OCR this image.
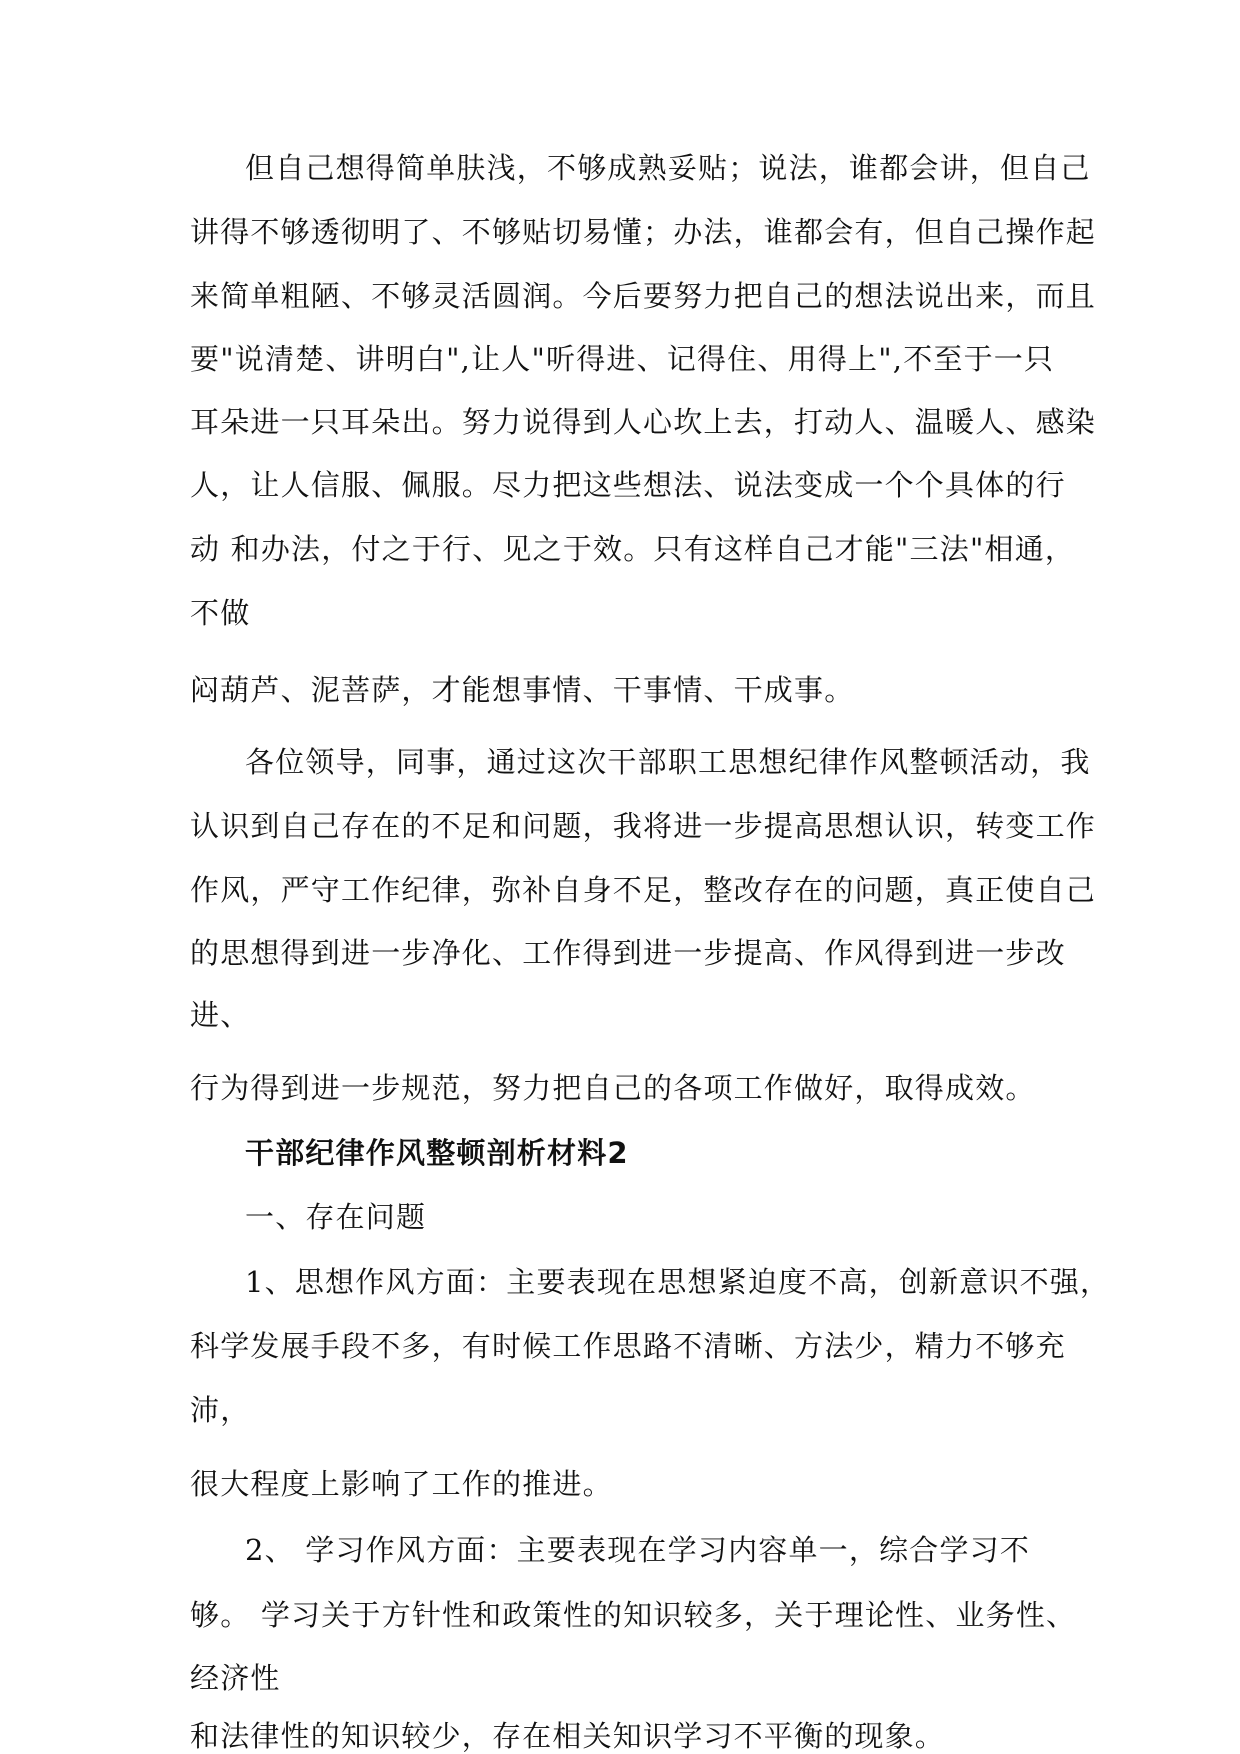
但自己想得简单肤浅，不够成熟妥贴；说法，谁都会讲，但自己
讲得不够透彻明了、不够贴切易懂；办法，谁都会有，但自己操作起
来简单粗陋、不够灵活圆润。今后要努力把自己的想法说出来，而且
要"说清楚、讲明白",让人"听得进、记得住、用得上",不至于一只
耳朵进一只耳朵出。努力说得到人心坎上去，打动人、温暖人、感染
人，让人信服、佩服。尽力把这些想法、说法变成一个个具体的行
动 和办法，付之于行、见之于效。只有这样自己才能"三法"相通，
不做
闷葫芦、泥菩萨，才能想事情、干事情、干成事。
各位领导，同事，通过这次干部职工思想纪律作风整顿活动，我
认识到自己存在的不足和问题，我将进一步提高思想认识，转变工作
作风，严守工作纪律，弥补自身不足，整改存在的问题，真正使自己
的思想得到进一步净化、工作得到进一步提高、作风得到进一步改
进、
行为得到进一步规范，努力把自己的各项工作做好，取得成效。
干部纪律作风整顿剖析材料2
一、存在问题
1、思想作风方面：主要表现在思想紧迫度不高，创新意识不强，
科学发展手段不多，有时候工作思路不清晰、方法少，精力不够充
沛，
很大程度上影响了工作的推进。
2、 学习作风方面：主要表现在学习内容单一，综合学习不
够。 学习关于方针性和政策性的知识较多，关于理论性、业务性、
经济性
和法律性的知识较少，存在相关知识学习不平衡的现象。
